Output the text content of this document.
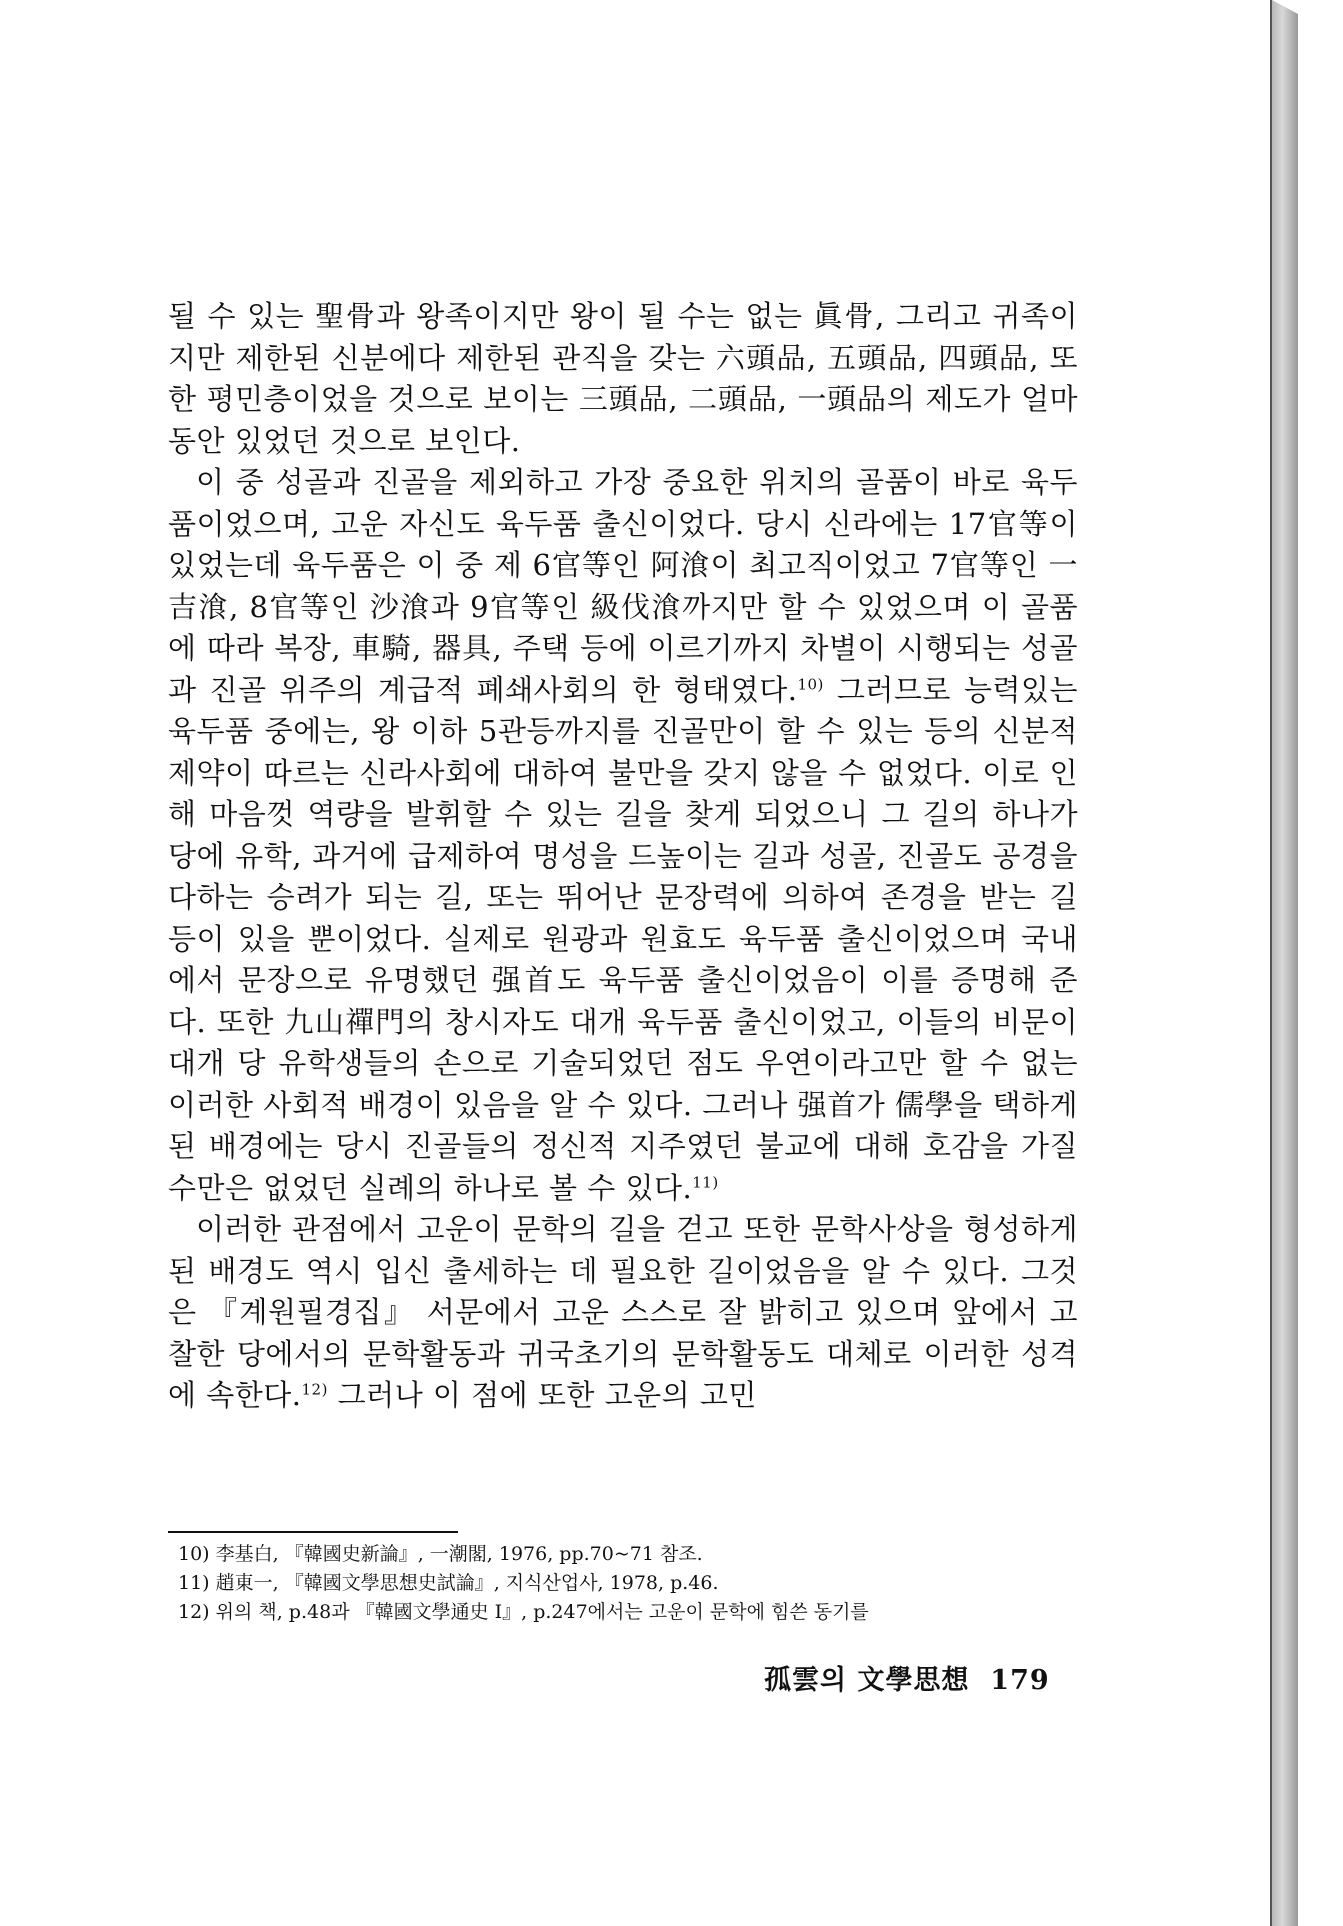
될 수 있는 聖骨과 왕족이지만 왕이 될 수는 없는 眞骨, 그리고 귀족이지만 제한된 신분에다 제한된 관직을 갖는 六頭品, 五頭品, 四頭品, 또한 평민층이었을 것으로 보이는 三頭品, 二頭品, 一頭品의 제도가 얼마 동안 있었던 것으로 보인다.

이 중 성골과 진골을 제외하고 가장 중요한 위치의 골품이 바로 육두품이었으며, 고운 자신도 육두품 출신이었다. 당시 신라에는 17官等이 있었는데 육두품은 이 중 제 6官等인 阿湌이 최고직이었고 7官等인 一吉湌, 8官等인 沙湌과 9官等인 級伐湌까지만 할 수 있었으며 이 골품에 따라 복장, 車騎, 器具, 주택 등에 이르기까지 차별이 시행되는 성골과 진골 위주의 계급적 폐쇄사회의 한 형태였다.$^{10)}$ 그러므로 능력있는 육두품 중에는, 왕 이하 5관등까지를 진골만이 할 수 있는 등의 신분적 제약이 따르는 신라사회에 대하여 불만을 갖지 않을 수 없었다. 이로 인해 마음껏 역량을 발휘할 수 있는 길을 찾게 되었으니 그 길의 하나가 당에 유학, 과거에 급제하여 명성을 드높이는 길과 성골, 진골도 공경을 다하는 승려가 되는 길, 또는 뛰어난 문장력에 의하여 존경을 받는 길 등이 있을 뿐이었다. 실제로 원광과 원효도 육두품 출신이었으며 국내에서 문장으로 유명했던 强首도 육두품 출신이었음이 이를 증명해 준다. 또한 九山禪門의 창시자도 대개 육두품 출신이었고, 이들의 비문이 대개 당 유학생들의 손으로 기술되었던 점도 우연이라고만 할 수 없는 이러한 사회적 배경이 있음을 알 수 있다. 그러나 强首가 儒學을 택하게 된 배경에는 당시 진골들의 정신적 지주였던 불교에 대해 호감을 가질 수만은 없었던 실례의 하나로 볼 수 있다.$^{11)}$

이러한 관점에서 고운이 문학의 길을 걷고 또한 문학사상을 형성하게 된 배경도 역시 입신 출세하는 데 필요한 길이었음을 알 수 있다. 그것은 『계원필경집』 서문에서 고운 스스로 잘 밝히고 있으며 앞에서 고찰한 당에서의 문학활동과 귀국초기의 문학활동도 대체로 이러한 성격에 속한다.$^{12)}$ 그러나 이 점에 또한 고운의 고민

10) 李基白, 『韓國史新論』, 一潮閣, 1976, pp.70~71 참조.

11) 趙東一, 『韓國文學思想史試論』, 지식산업사, 1978, p.46.

12) 위의 책, p.48과 『韓國文學通史 Ⅰ』, p.247에서는 고운이 문학에 힘쓴 동기를

孤雲의 文學思想 179
